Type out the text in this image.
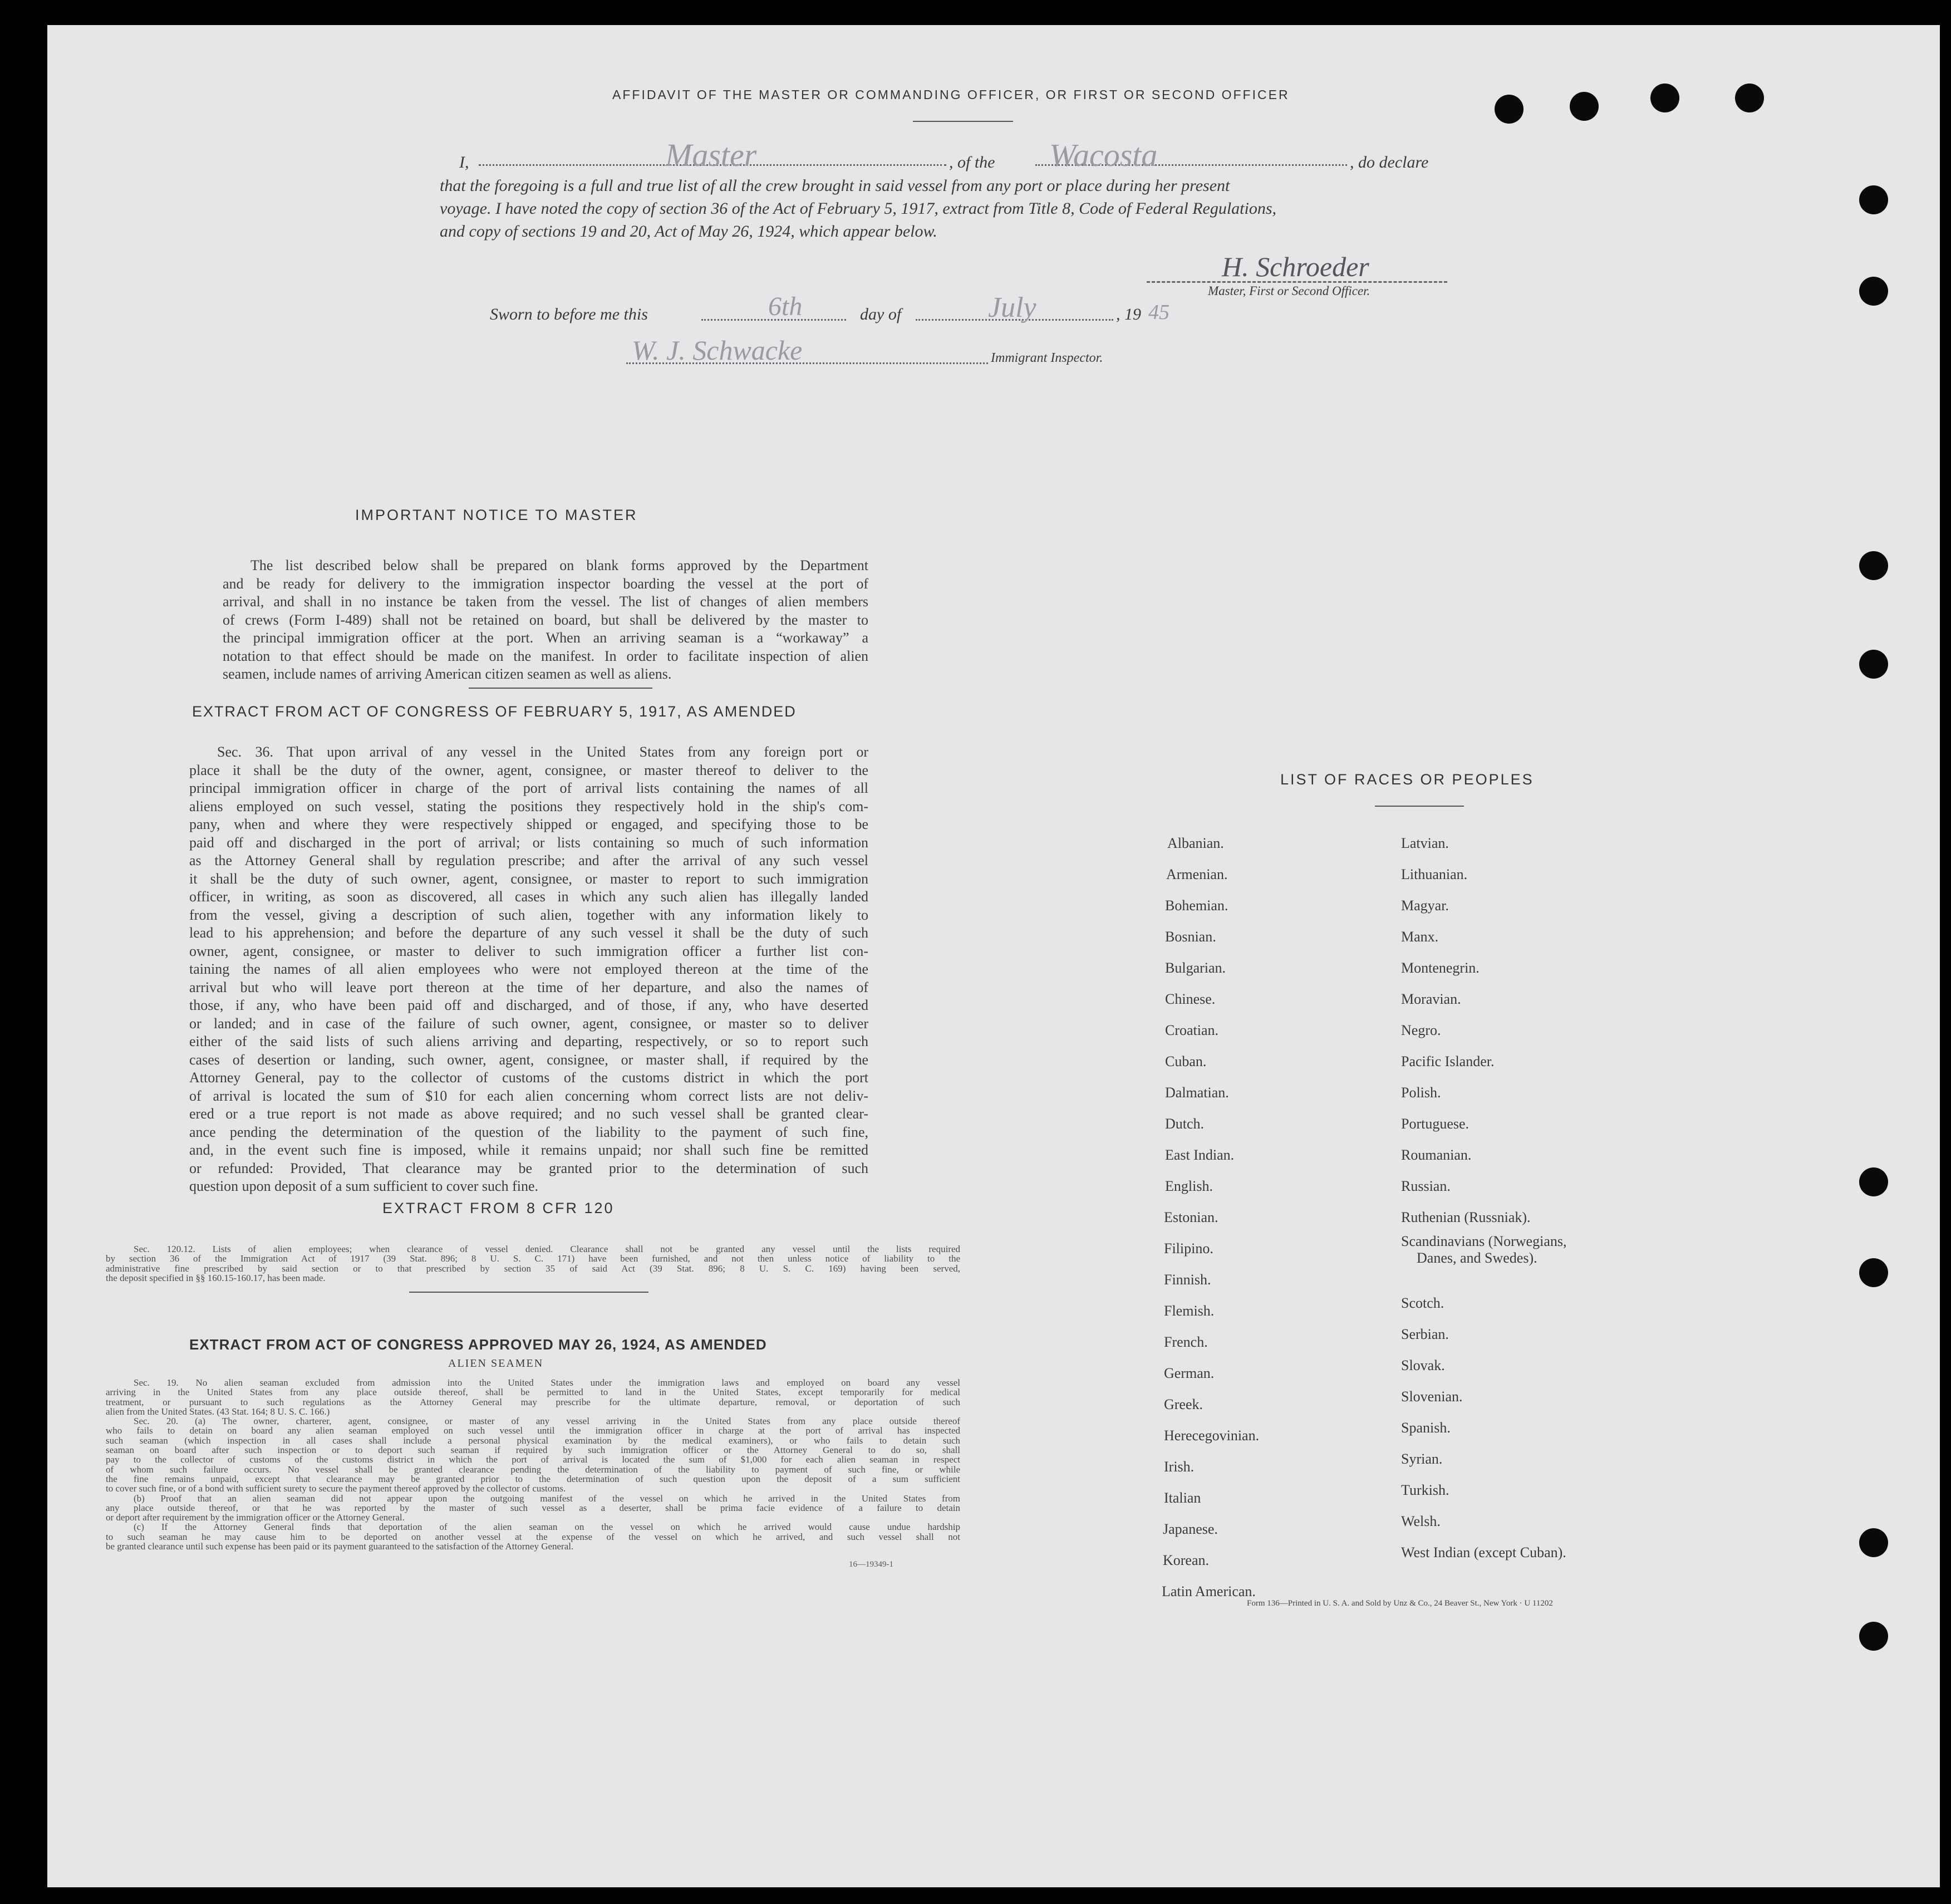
AFFIDAVIT OF THE MASTER OR COMMANDING OFFICER, OR FIRST OR SECOND OFFICER
I,	Master	, of the Wacosta	, do declare
that the foregoing is a full and true list of all the crew brought in said vessel from any port or place during her present
voyage. I have noted the copy of section 36 of the Act of February 5, 1917, extract from Title 8, Code of Federal Regulations,
and copy of sections 19 and 20, Act of May 26, 1924, which appear below.
H. Schroeder
Master, First or Second Officer.
Sworn to before me this	6th	day of	July	, 19 45
W. J. Schwacke	Immigrant Inspector.
IMPORTANT NOTICE TO MASTER
The list described below shall be prepared on blank forms approved by the Department
and be ready for delivery to the immigration inspector boarding the vessel at the port of
arrival, and shall in no instance be taken from the vessel. The list of changes of alien members
of crews (Form I-489) shall not be retained on board, but shall be delivered by the master to
the principal immigration officer at the port. When an arriving seaman is a “workaway” a
notation to that effect should be made on the manifest. In order to facilitate inspection of alien
seamen, include names of arriving American citizen seamen as well as aliens.
EXTRACT FROM ACT OF CONGRESS OF FEBRUARY 5, 1917, AS AMENDED
Sec. 36. That upon arrival of any vessel in the United States from any foreign port or
place it shall be the duty of the owner, agent, consignee, or master thereof to deliver to the
principal immigration officer in charge of the port of arrival lists containing the names of all
aliens employed on such vessel, stating the positions they respectively hold in the ship's com-
pany, when and where they were respectively shipped or engaged, and specifying those to be
paid off and discharged in the port of arrival; or lists containing so much of such information
as the Attorney General shall by regulation prescribe; and after the arrival of any such vessel
it shall be the duty of such owner, agent, consignee, or master to report to such immigration
officer, in writing, as soon as discovered, all cases in which any such alien has illegally landed
from the vessel, giving a description of such alien, together with any information likely to
lead to his apprehension; and before the departure of any such vessel it shall be the duty of such
owner, agent, consignee, or master to deliver to such immigration officer a further list con-
taining the names of all alien employees who were not employed thereon at the time of the
arrival but who will leave port thereon at the time of her departure, and also the names of
those, if any, who have been paid off and discharged, and of those, if any, who have deserted
or landed; and in case of the failure of such owner, agent, consignee, or master so to deliver
either of the said lists of such aliens arriving and departing, respectively, or so to report such
cases of desertion or landing, such owner, agent, consignee, or master shall, if required by the
Attorney General, pay to the collector of customs of the customs district in which the port
of arrival is located the sum of $10 for each alien concerning whom correct lists are not deliv-
ered or a true report is not made as above required; and no such vessel shall be granted clear-
ance pending the determination of the question of the liability to the payment of such fine,
and, in the event such fine is imposed, while it remains unpaid; nor shall such fine be remitted
or refunded: Provided, That clearance may be granted prior to the determination of such
question upon deposit of a sum sufficient to cover such fine.
EXTRACT FROM 8 CFR 120
Sec. 120.12. Lists of alien employees; when clearance of vessel denied. Clearance shall not be granted any vessel until the lists required
by section 36 of the Immigration Act of 1917 (39 Stat. 896; 8 U. S. C. 171) have been furnished, and not then unless notice of liability to the
administrative fine prescribed by said section or to that prescribed by section 35 of said Act (39 Stat. 896; 8 U. S. C. 169) having been served,
the deposit specified in §§ 160.15-160.17, has been made.
EXTRACT FROM ACT OF CONGRESS APPROVED MAY 26, 1924, AS AMENDED
ALIEN SEAMEN
Sec. 19. No alien seaman excluded from admission into the United States under the immigration laws and employed on board any vessel
arriving in the United States from any place outside thereof, shall be permitted to land in the United States, except temporarily for medical
treatment, or pursuant to such regulations as the Attorney General may prescribe for the ultimate departure, removal, or deportation of such
alien from the United States. (43 Stat. 164; 8 U. S. C. 166.)
Sec. 20. (a) The owner, charterer, agent, consignee, or master of any vessel arriving in the United States from any place outside thereof
who fails to detain on board any alien seaman employed on such vessel until the immigration officer in charge at the port of arrival has inspected
such seaman (which inspection in all cases shall include a personal physical examination by the medical examiners), or who fails to detain such
seaman on board after such inspection or to deport such seaman if required by such immigration officer or the Attorney General to do so, shall
pay to the collector of customs of the customs district in which the port of arrival is located the sum of $1,000 for each alien seaman in respect
of whom such failure occurs. No vessel shall be granted clearance pending the determination of the liability to payment of such fine, or while
the fine remains unpaid, except that clearance may be granted prior to the determination of such question upon the deposit of a sum sufficient
to cover such fine, or of a bond with sufficient surety to secure the payment thereof approved by the collector of customs.
(b) Proof that an alien seaman did not appear upon the outgoing manifest of the vessel on which he arrived in the United States from
any place outside thereof, or that he was reported by the master of such vessel as a deserter, shall be prima facie evidence of a failure to detain
or deport after requirement by the immigration officer or the Attorney General.
(c) If the Attorney General finds that deportation of the alien seaman on the vessel on which he arrived would cause undue hardship
to such seaman he may cause him to be deported on another vessel at the expense of the vessel on which he arrived, and such vessel shall not
be granted clearance until such expense has been paid or its payment guaranteed to the satisfaction of the Attorney General.
16—19349-1
LIST OF RACES OR PEOPLES
Albanian.
Armenian.
Bohemian.
Bosnian.
Bulgarian.
Chinese.
Croatian.
Cuban.
Dalmatian.
Dutch.
East Indian.
English.
Estonian.
Filipino.
Finnish.
Flemish.
French.
German.
Greek.
Herecegovinian.
Irish.
Italian
Japanese.
Korean.
Latin American.
Latvian.
Lithuanian.
Magyar.
Manx.
Montenegrin.
Moravian.
Negro.
Pacific Islander.
Polish.
Portuguese.
Roumanian.
Russian.
Ruthenian (Russniak).
Scandinavians (Norwegians,
Danes, and Swedes).
Scotch.
Serbian.
Slovak.
Slovenian.
Spanish.
Syrian.
Turkish.
Welsh.
West Indian (except Cuban).
Form 136—Printed in U. S. A. and Sold by Unz & Co., 24 Beaver St., New York · U 11202
